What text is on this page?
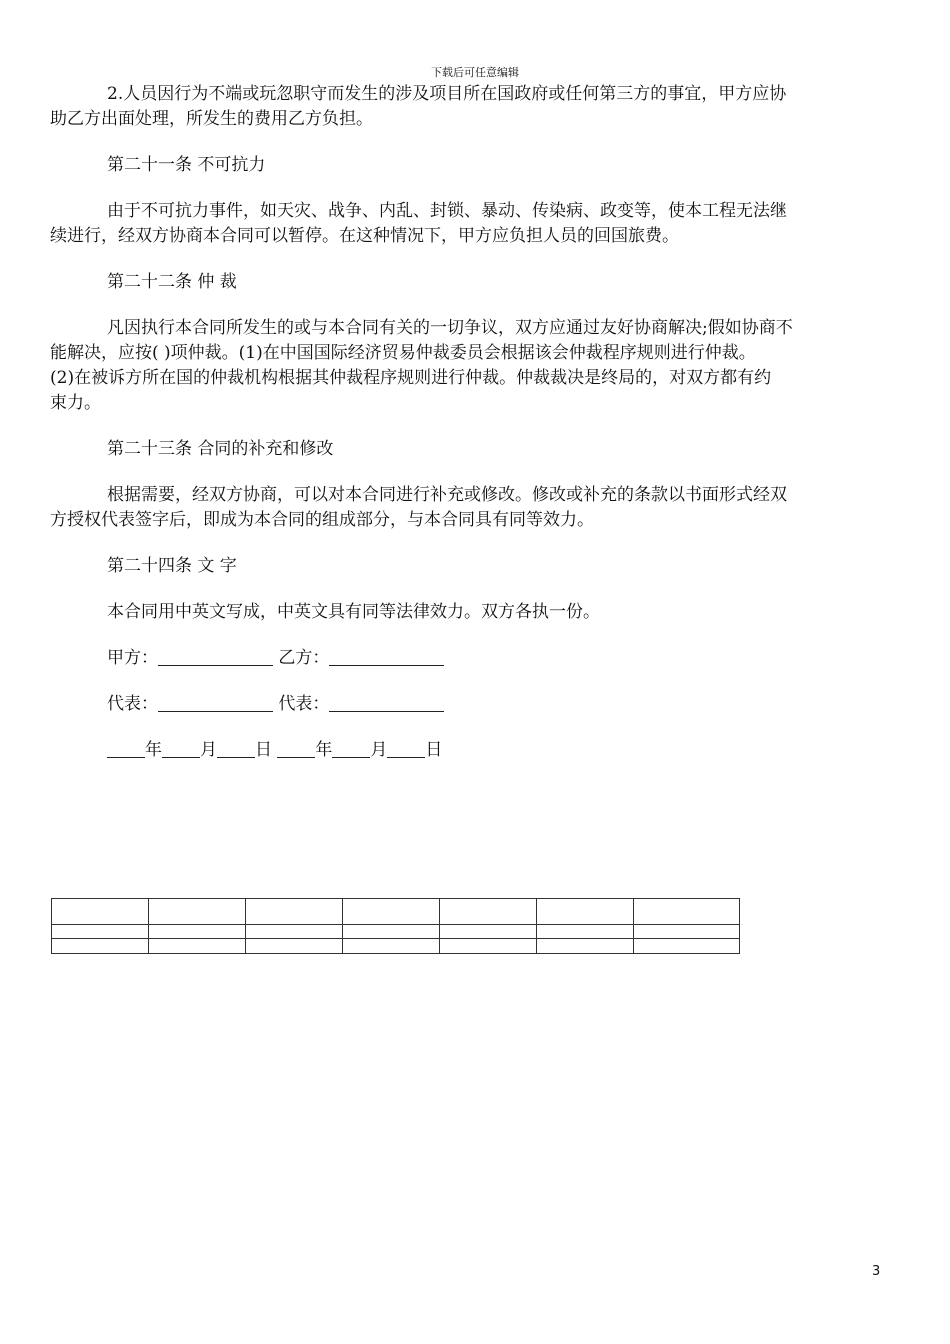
下载后可任意编辑

2.人员因行为不端或玩忽职守而发生的涉及项目所在国政府或任何第三方的事宜，甲方应协
助乙方出面处理，所发生的费用乙方负担。

第二十一条 不可抗力

由于不可抗力事件，如天灾、战争、内乱、封锁、暴动、传染病、政变等，使本工程无法继
续进行，经双方协商本合同可以暂停。在这种情况下，甲方应负担人员的回国旅费。

第二十二条 仲 裁

凡因执行本合同所发生的或与本合同有关的一切争议，双方应通过友好协商解决;假如协商不
能解决，应按( )项仲裁。(1)在中国国际经济贸易仲裁委员会根据该会仲裁程序规则进行仲裁。
(2)在被诉方所在国的仲裁机构根据其仲裁程序规则进行仲裁。仲裁裁决是终局的，对双方都有约
束力。

第二十三条 合同的补充和修改

根据需要，经双方协商，可以对本合同进行补充或修改。修改或补充的条款以书面形式经双
方授权代表签字后，即成为本合同的组成部分，与本合同具有同等效力。

第二十四条 文 字

本合同用中英文写成，中英文具有同等法律效力。双方各执一份。

甲方：	乙方：

代表：	代表：

年 月 日	年 月 日

3
